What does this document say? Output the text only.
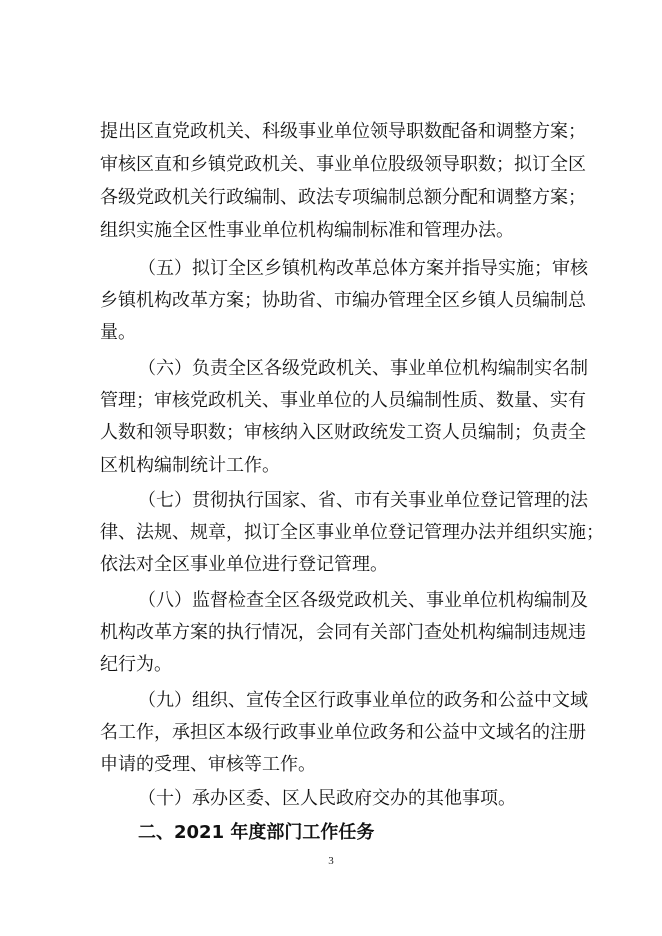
提出区直党政机关、科级事业单位领导职数配备和调整方案；
审核区直和乡镇党政机关、事业单位股级领导职数；拟订全区
各级党政机关行政编制、政法专项编制总额分配和调整方案；
组织实施全区性事业单位机构编制标准和管理办法。
（五）拟订全区乡镇机构改革总体方案并指导实施；审核
乡镇机构改革方案；协助省、市编办管理全区乡镇人员编制总
量。
（六）负责全区各级党政机关、事业单位机构编制实名制
管理；审核党政机关、事业单位的人员编制性质、数量、实有
人数和领导职数；审核纳入区财政统发工资人员编制；负责全
区机构编制统计工作。
（七）贯彻执行国家、省、市有关事业单位登记管理的法
律、法规、规章，拟订全区事业单位登记管理办法并组织实施；
依法对全区事业单位进行登记管理。
（八）监督检查全区各级党政机关、事业单位机构编制及
机构改革方案的执行情况，会同有关部门查处机构编制违规违
纪行为。
（九）组织、宣传全区行政事业单位的政务和公益中文域
名工作，承担区本级行政事业单位政务和公益中文域名的注册
申请的受理、审核等工作。
（十）承办区委、区人民政府交办的其他事项。
二、2021 年度部门工作任务
3
